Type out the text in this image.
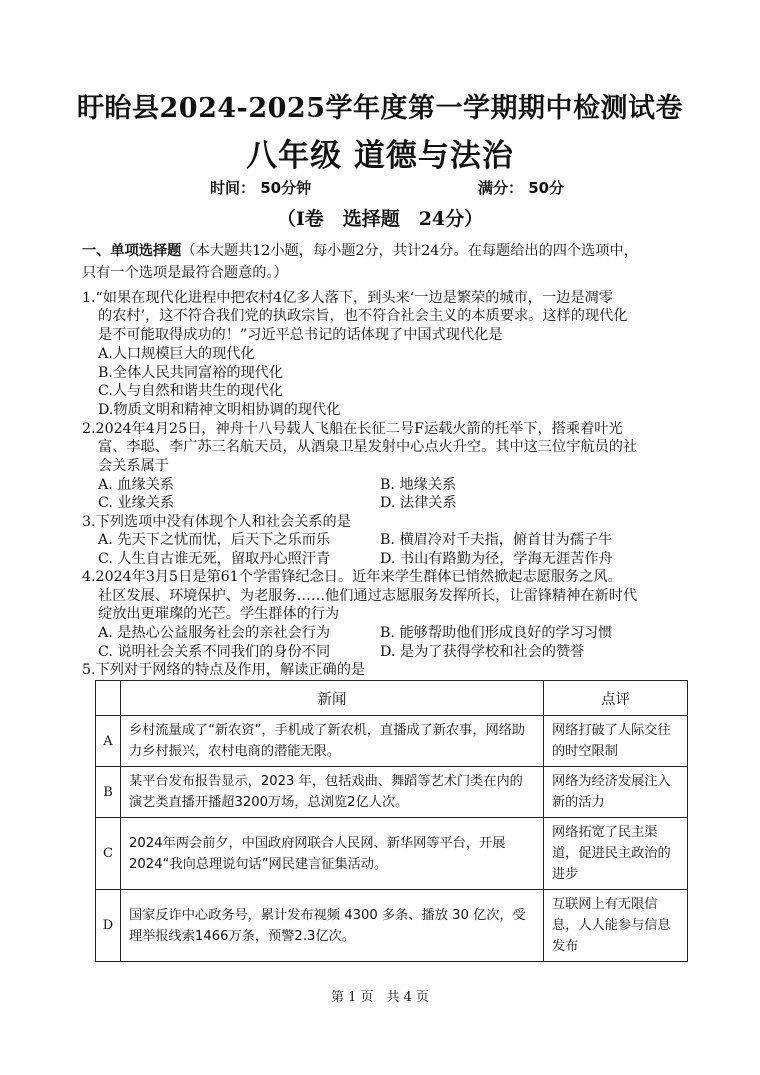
盱眙县2024-2025学年度第一学期期中检测试卷
八年级 道德与法治
时间： 50分钟	满分： 50分
（Ⅰ卷　选择题　24分）
一、单项选择题（本大题共12小题，每小题2分，共计24分。在每题给出的四个选项中，
只有一个选项是最符合题意的。）
1.“如果在现代化进程中把农村4亿多人落下，到头来‘一边是繁荣的城市，一边是凋零
的农村’，这不符合我们党的执政宗旨，也不符合社会主义的本质要求。这样的现代化
是不可能取得成功的！”习近平总书记的话体现了中国式现代化是
A.人口规模巨大的现代化
B.全体人民共同富裕的现代化
C.人与自然和谐共生的现代化
D.物质文明和精神文明相协调的现代化
2.2024年4月25日，神舟十八号载人飞船在长征二号F运载火箭的托举下，搭乘着叶光
富、李聪、李广苏三名航天员，从酒泉卫星发射中心点火升空。其中这三位宇航员的社
会关系属于
A. 血缘关系	B. 地缘关系
C. 业缘关系	D. 法律关系
3.下列选项中没有体现个人和社会关系的是
A. 先天下之忧而忧，后天下之乐而乐	B. 横眉冷对千夫指，俯首甘为孺子牛
C. 人生自古谁无死，留取丹心照汗青	D. 书山有路勤为径，学海无涯苦作舟
4.2024年3月5日是第61个学雷锋纪念日。近年来学生群体已悄然掀起志愿服务之风。
社区发展、环境保护、为老服务……他们通过志愿服务发挥所长，让雷锋精神在新时代
绽放出更璀璨的光芒。学生群体的行为
A. 是热心公益服务社会的亲社会行为	B. 能够帮助他们形成良好的学习习惯
C. 说明社会关系不同我们的身份不同	D. 是为了获得学校和社会的赞誉
5.下列对于网络的特点及作用，解读正确的是
	新闻	点评
A	乡村流量成了“新农资”，手机成了新农机，直播成了新农事，网络助力乡村振兴，农村电商的潜能无限。	网络打破了人际交往的时空限制
B	某平台发布报告显示，2023 年，包括戏曲、舞蹈等艺术门类在内的演艺类直播开播超3200万场，总浏览2亿人次。	网络为经济发展注入新的活力
C	2024年两会前夕，中国政府网联合人民网、新华网等平台，开展2024“我向总理说句话”网民建言征集活动。	网络拓宽了民主渠道，促进民主政治的进步
D	国家反诈中心政务号，累计发布视频 4300 多条、播放 30 亿次，受理举报线索1466万条，预警2.3亿次。	互联网上有无限信息，人人能参与信息发布
第 1 页　共 4 页
